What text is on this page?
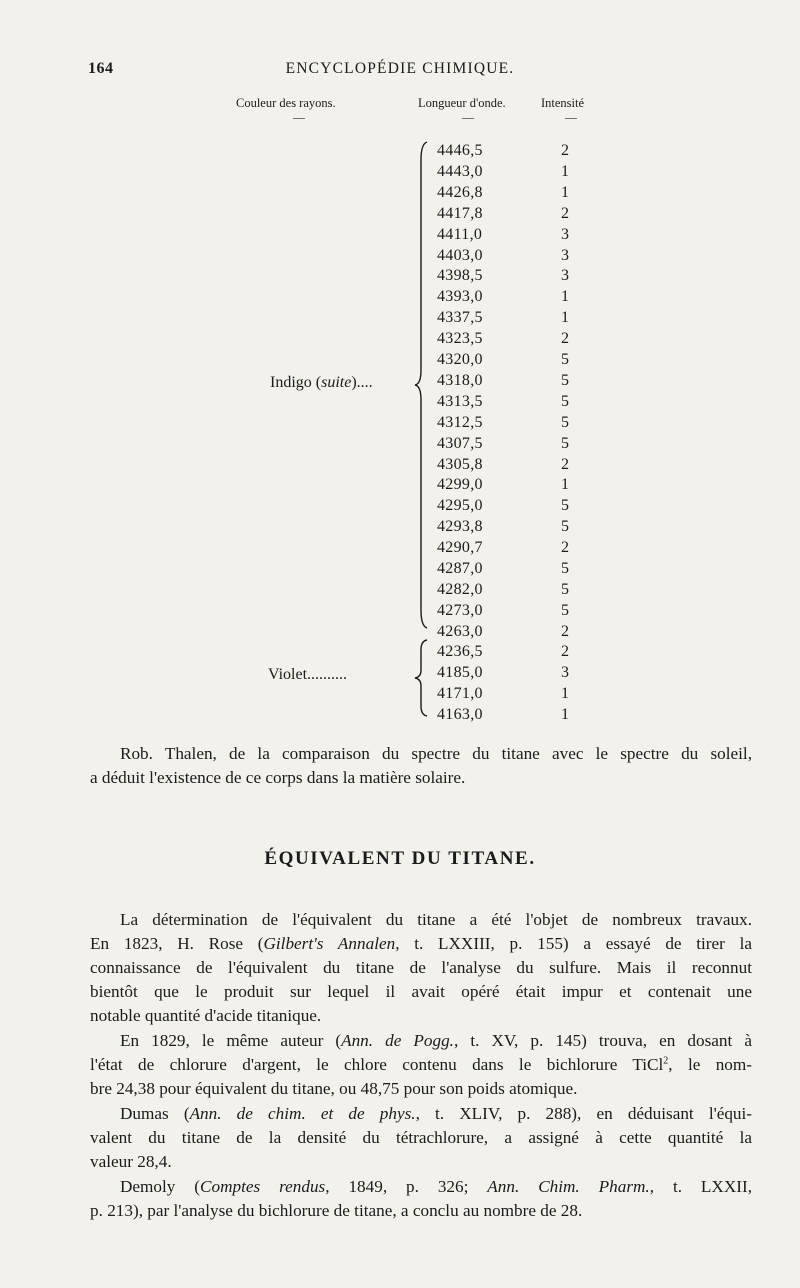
164	ENCYCLOPÉDIE CHIMIQUE.
Couleur des rayons.	Longueur d'onde.	Intensité
—	—	—
Indigo (suite)....
4446,5	2
4443,0	1
4426,8	1
4417,8	2
4411,0	3
4403,0	3
4398,5	3
4393,0	1
4337,5	1
4323,5	2
4320,0	5
4318,0	5
4313,5	5
4312,5	5
4307,5	5
4305,8	2
4299,0	1
4295,0	5
4293,8	5
4290,7	2
4287,0	5
4282,0	5
4273,0	5
4263,0	2
Violet..........
4236,5	2
4185,0	3
4171,0	1
4163,0	1
Rob. Thalen, de la comparaison du spectre du titane avec le spectre du soleil,
a déduit l'existence de ce corps dans la matière solaire.
ÉQUIVALENT DU TITANE.
La détermination de l'équivalent du titane a été l'objet de nombreux travaux.
En 1823, H. Rose (Gilbert's Annalen, t. LXXIII, p. 155) a essayé de tirer la
connaissance de l'équivalent du titane de l'analyse du sulfure. Mais il reconnut
bientôt que le produit sur lequel il avait opéré était impur et contenait une
notable quantité d'acide titanique.
En 1829, le même auteur (Ann. de Pogg., t. XV, p. 145) trouva, en dosant à
l'état de chlorure d'argent, le chlore contenu dans le bichlorure TiCl$^2$, le nom-
bre 24,38 pour équivalent du titane, ou 48,75 pour son poids atomique.
Dumas (Ann. de chim. et de phys., t. XLIV, p. 288), en déduisant l'équi-
valent du titane de la densité du tétrachlorure, a assigné à cette quantité la
valeur 28,4.
Demoly (Comptes rendus, 1849, p. 326; Ann. Chim. Pharm., t. LXXII,
p. 213), par l'analyse du bichlorure de titane, a conclu au nombre de 28.
